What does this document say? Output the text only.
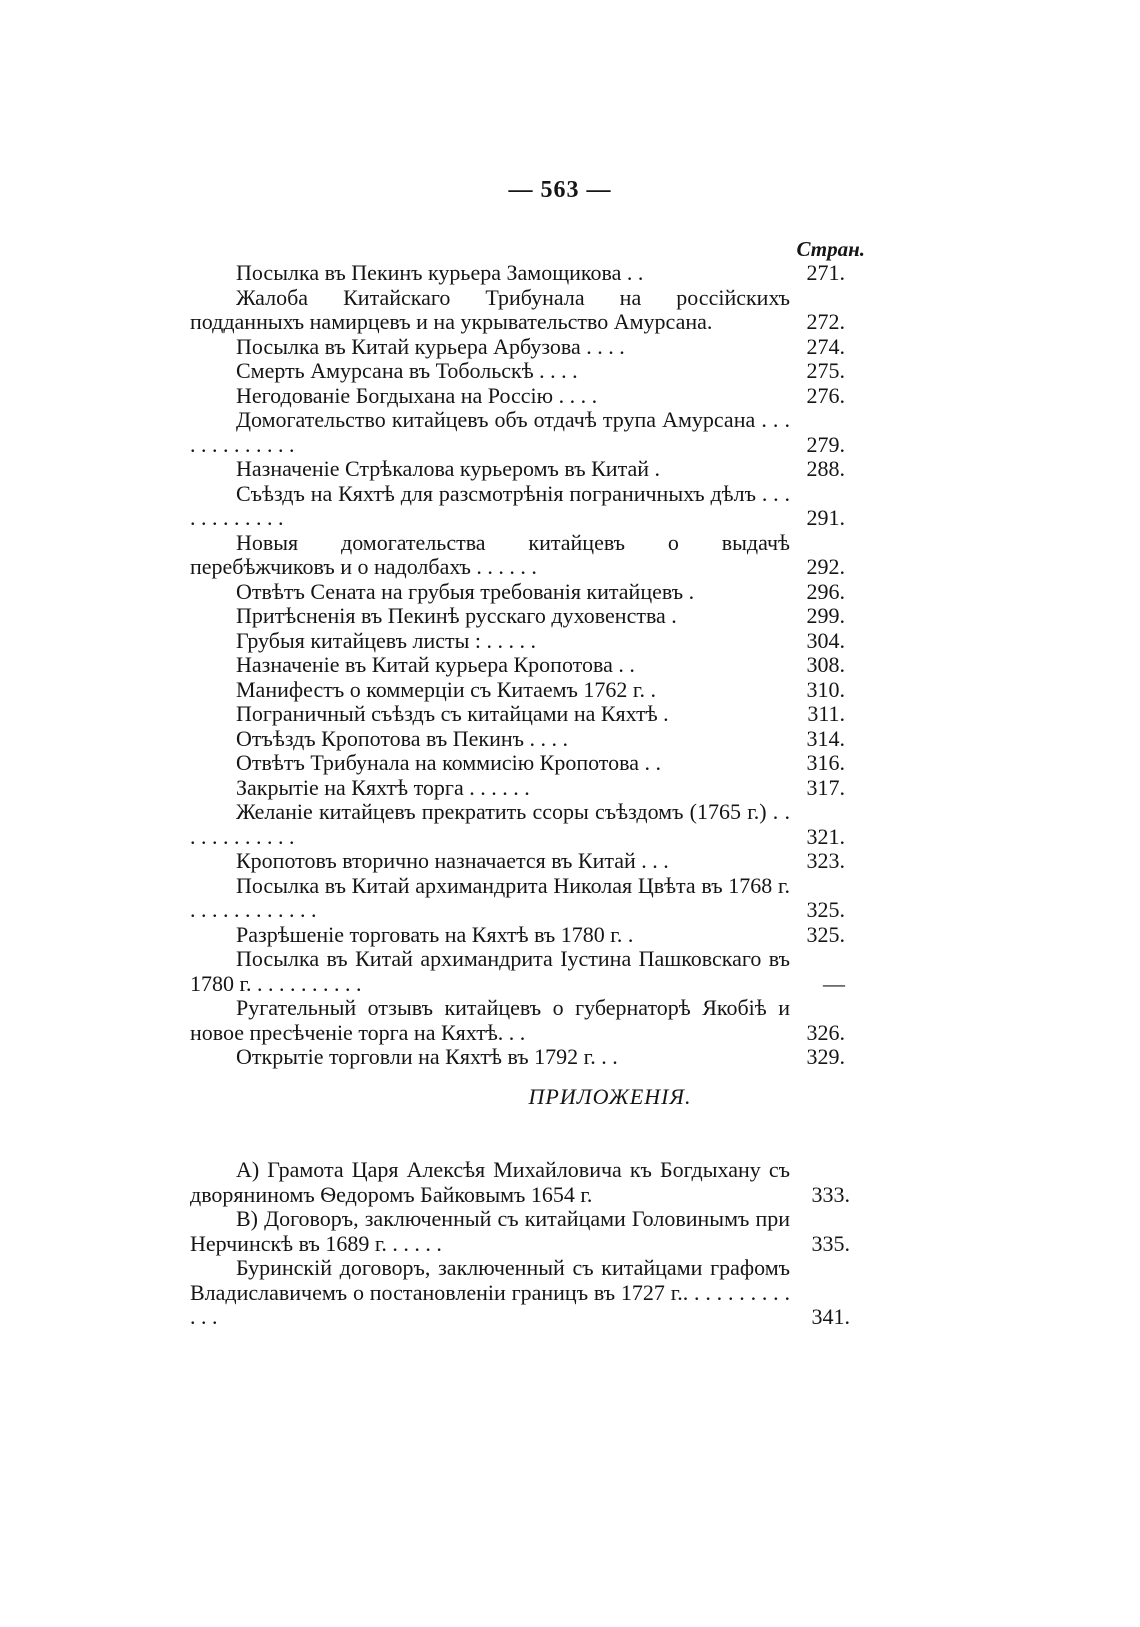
— 563 —
Стран.
Посылка въ Пекинъ курьера Замощикова . .	271.
Жалоба Китайскаго Трибунала на россійскихъ подданныхъ намирцевъ и на укрывательство Амурсана.	272.
Посылка въ Китай курьера Арбузова . . . .	274.
Смерть Амурсана въ Тобольскѣ . . . .	275.
Негодованіе Богдыхана на Россію . . . .	276.
Домогательство китайцевъ объ отдачѣ трупа Амурсана . . . . . . . . . . . . .	279.
Назначеніе Стрѣкалова курьеромъ въ Китай .	288.
Съѣздъ на Кяхтѣ для разсмотрѣнія пограничныхъ дѣлъ . . . . . . . . . . . .	291.
Новыя домогательства китайцевъ о выдачѣ перебѣжчиковъ и о надолбахъ . . . . . .	292.
Отвѣтъ Сената на грубыя требованія китайцевъ .	296.
Притѣсненія въ Пекинѣ русскаго духовенства .	299.
Грубыя китайцевъ листы : . . . . .	304.
Назначеніе въ Китай курьера Кропотова . .	308.
Манифестъ о коммерціи съ Китаемъ 1762 г. .	310.
Пограничный съѣздъ съ китайцами на Кяхтѣ .	311.
Отъѣздъ Кропотова въ Пекинъ . . . .	314.
Отвѣтъ Трибунала на коммисію Кропотова . .	316.
Закрытіе на Кяхтѣ торга . . . . . .	317.
Желаніе китайцевъ прекратить ссоры съѣздомъ (1765 г.) . . . . . . . . . . . .	321.
Кропотовъ вторично назначается въ Китай . . .	323.
Посылка въ Китай архимандрита Николая Цвѣта въ 1768 г. . . . . . . . . . . . .	325.
Разрѣшеніе торговать на Кяхтѣ въ 1780 г. .	325.
Посылка въ Китай архимандрита Іустина Пашковскаго въ 1780 г. . . . . . . . . . .	—
Ругательный отзывъ китайцевъ о губернаторѣ Якобіѣ и новое пресѣченіе торга на Кяхтѣ. . .	326.
Открытіе торговли на Кяхтѣ въ 1792 г. . .	329.
ПРИЛОЖЕНІЯ.
А) Грамота Царя Алексѣя Михайловича къ Богдыхану съ дворяниномъ Ѳедоромъ Байковымъ 1654 г.	333.
В) Договоръ, заключенный съ китайцами Головинымъ при Нерчинскѣ въ 1689 г. . . . . .	335.
Буринскій договоръ, заключенный съ китайцами графомъ Владиславичемъ о постановленіи границъ въ 1727 г.. . . . . . . . . . . . .	341.
